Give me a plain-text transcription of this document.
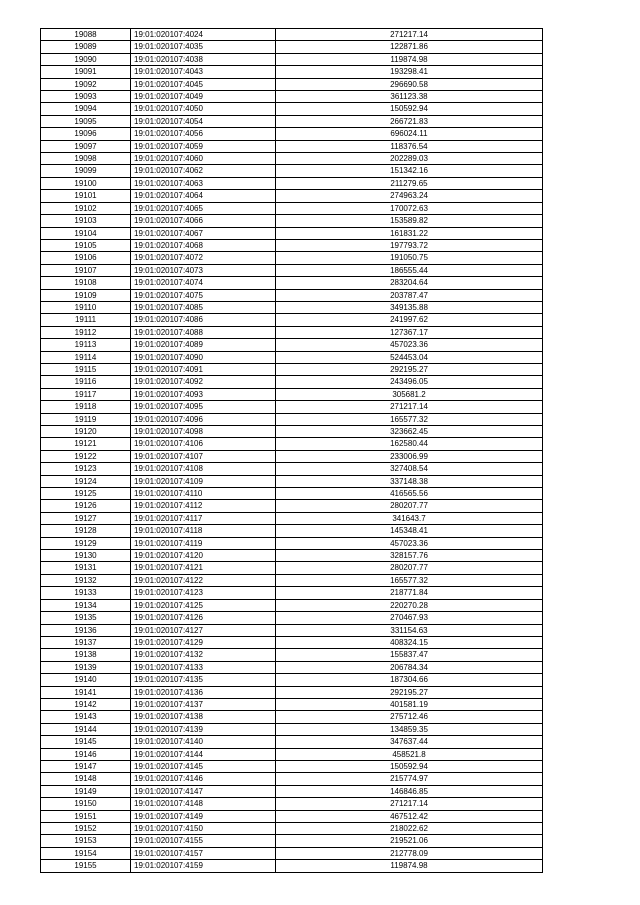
19088	19:01:020107:4024	271217.14
19089	19:01:020107:4035	122871.86
19090	19:01:020107:4038	119874.98
19091	19:01:020107:4043	193298.41
19092	19:01:020107:4045	296690.58
19093	19:01:020107:4049	361123.38
19094	19:01:020107:4050	150592.94
19095	19:01:020107:4054	266721.83
19096	19:01:020107:4056	696024.11
19097	19:01:020107:4059	118376.54
19098	19:01:020107:4060	202289.03
19099	19:01:020107:4062	151342.16
19100	19:01:020107:4063	211279.65
19101	19:01:020107:4064	274963.24
19102	19:01:020107:4065	170072.63
19103	19:01:020107:4066	153589.82
19104	19:01:020107:4067	161831.22
19105	19:01:020107:4068	197793.72
19106	19:01:020107:4072	191050.75
19107	19:01:020107:4073	186555.44
19108	19:01:020107:4074	283204.64
19109	19:01:020107:4075	203787.47
19110	19:01:020107:4085	349135.88
19111	19:01:020107:4086	241997.62
19112	19:01:020107:4088	127367.17
19113	19:01:020107:4089	457023.36
19114	19:01:020107:4090	524453.04
19115	19:01:020107:4091	292195.27
19116	19:01:020107:4092	243496.05
19117	19:01:020107:4093	305681.2
19118	19:01:020107:4095	271217.14
19119	19:01:020107:4096	165577.32
19120	19:01:020107:4098	323662.45
19121	19:01:020107:4106	162580.44
19122	19:01:020107:4107	233006.99
19123	19:01:020107:4108	327408.54
19124	19:01:020107:4109	337148.38
19125	19:01:020107:4110	416565.56
19126	19:01:020107:4112	280207.77
19127	19:01:020107:4117	341643.7
19128	19:01:020107:4118	145348.41
19129	19:01:020107:4119	457023.36
19130	19:01:020107:4120	328157.76
19131	19:01:020107:4121	280207.77
19132	19:01:020107:4122	165577.32
19133	19:01:020107:4123	218771.84
19134	19:01:020107:4125	220270.28
19135	19:01:020107:4126	270467.93
19136	19:01:020107:4127	331154.63
19137	19:01:020107:4129	408324.15
19138	19:01:020107:4132	155837.47
19139	19:01:020107:4133	206784.34
19140	19:01:020107:4135	187304.66
19141	19:01:020107:4136	292195.27
19142	19:01:020107:4137	401581.19
19143	19:01:020107:4138	275712.46
19144	19:01:020107:4139	134859.35
19145	19:01:020107:4140	347637.44
19146	19:01:020107:4144	458521.8
19147	19:01:020107:4145	150592.94
19148	19:01:020107:4146	215774.97
19149	19:01:020107:4147	146846.85
19150	19:01:020107:4148	271217.14
19151	19:01:020107:4149	467512.42
19152	19:01:020107:4150	218022.62
19153	19:01:020107:4155	219521.06
19154	19:01:020107:4157	212778.09
19155	19:01:020107:4159	119874.98
